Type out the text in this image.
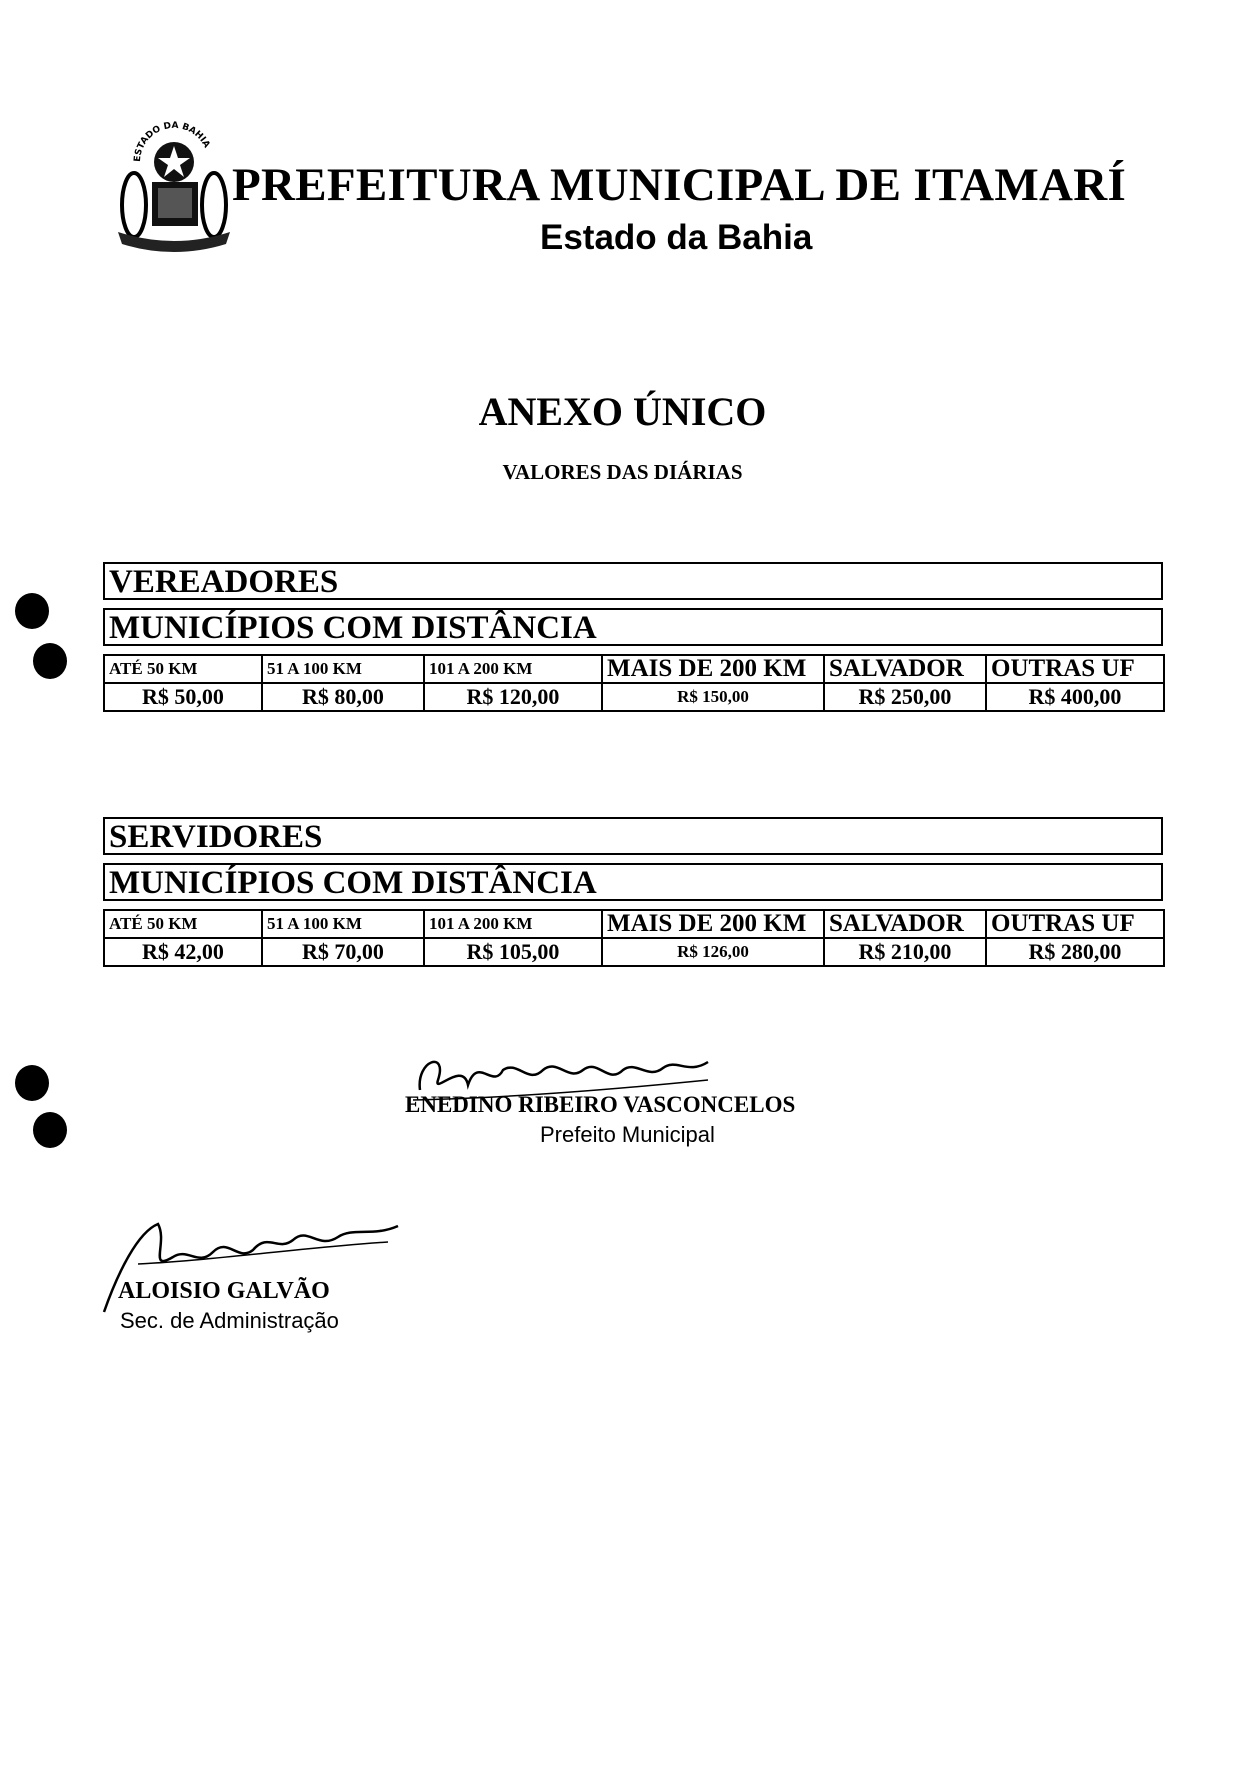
ESTADO DA BAHIA
PREFEITURA MUNICIPAL DE ITAMARÍ
Estado da Bahia
ANEXO ÚNICO
VALORES DAS DIÁRIAS
VEREADORES
MUNICÍPIOS COM DISTÂNCIA
ATÉ 50 KM	51 A 100 KM	101 A 200 KM	MAIS DE 200 KM	SALVADOR	OUTRAS UF
R$ 50,00	R$ 80,00	R$ 120,00	R$ 150,00	R$ 250,00	R$ 400,00
SERVIDORES
MUNICÍPIOS COM DISTÂNCIA
ATÉ 50 KM	51 A 100 KM	101 A 200 KM	MAIS DE 200 KM	SALVADOR	OUTRAS UF
R$ 42,00	R$ 70,00	R$ 105,00	R$ 126,00	R$ 210,00	R$ 280,00
ENEDINO RIBEIRO VASCONCELOS
Prefeito Municipal
ALOISIO GALVÃO
Sec. de Administração
